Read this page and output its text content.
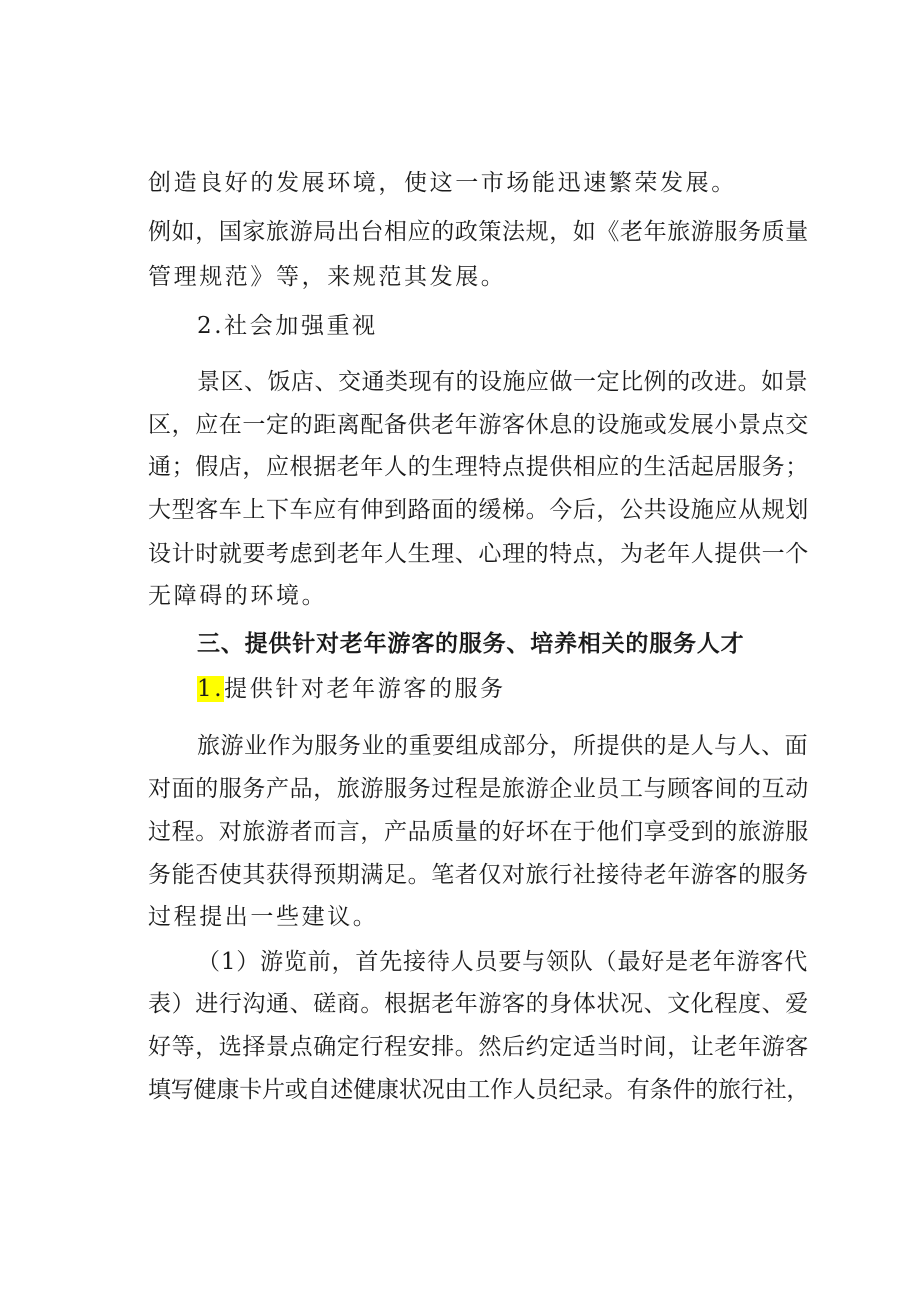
创造良好的发展环境，使这一市场能迅速繁荣发展。
例如，国家旅游局出台相应的政策法规，如《老年旅游服务质量
管理规范》等，来规范其发展。
2.社会加强重视
景区、饭店、交通类现有的设施应做一定比例的改进。如景
区，应在一定的距离配备供老年游客休息的设施或发展小景点交
通；假店，应根据老年人的生理特点提供相应的生活起居服务；
大型客车上下车应有伸到路面的缓梯。今后，公共设施应从规划
设计时就要考虑到老年人生理、心理的特点，为老年人提供一个
无障碍的环境。
三、提供针对老年游客的服务、培养相关的服务人才
1.提供针对老年游客的服务
旅游业作为服务业的重要组成部分，所提供的是人与人、面
对面的服务产品，旅游服务过程是旅游企业员工与顾客间的互动
过程。对旅游者而言，产品质量的好坏在于他们享受到的旅游服
务能否使其获得预期满足。笔者仅对旅行社接待老年游客的服务
过程提出一些建议。
（1）游览前，首先接待人员要与领队（最好是老年游客代
表）进行沟通、磋商。根据老年游客的身体状况、文化程度、爱
好等，选择景点确定行程安排。然后约定适当时间，让老年游客
填写健康卡片或自述健康状况由工作人员纪录。有条件的旅行社，
